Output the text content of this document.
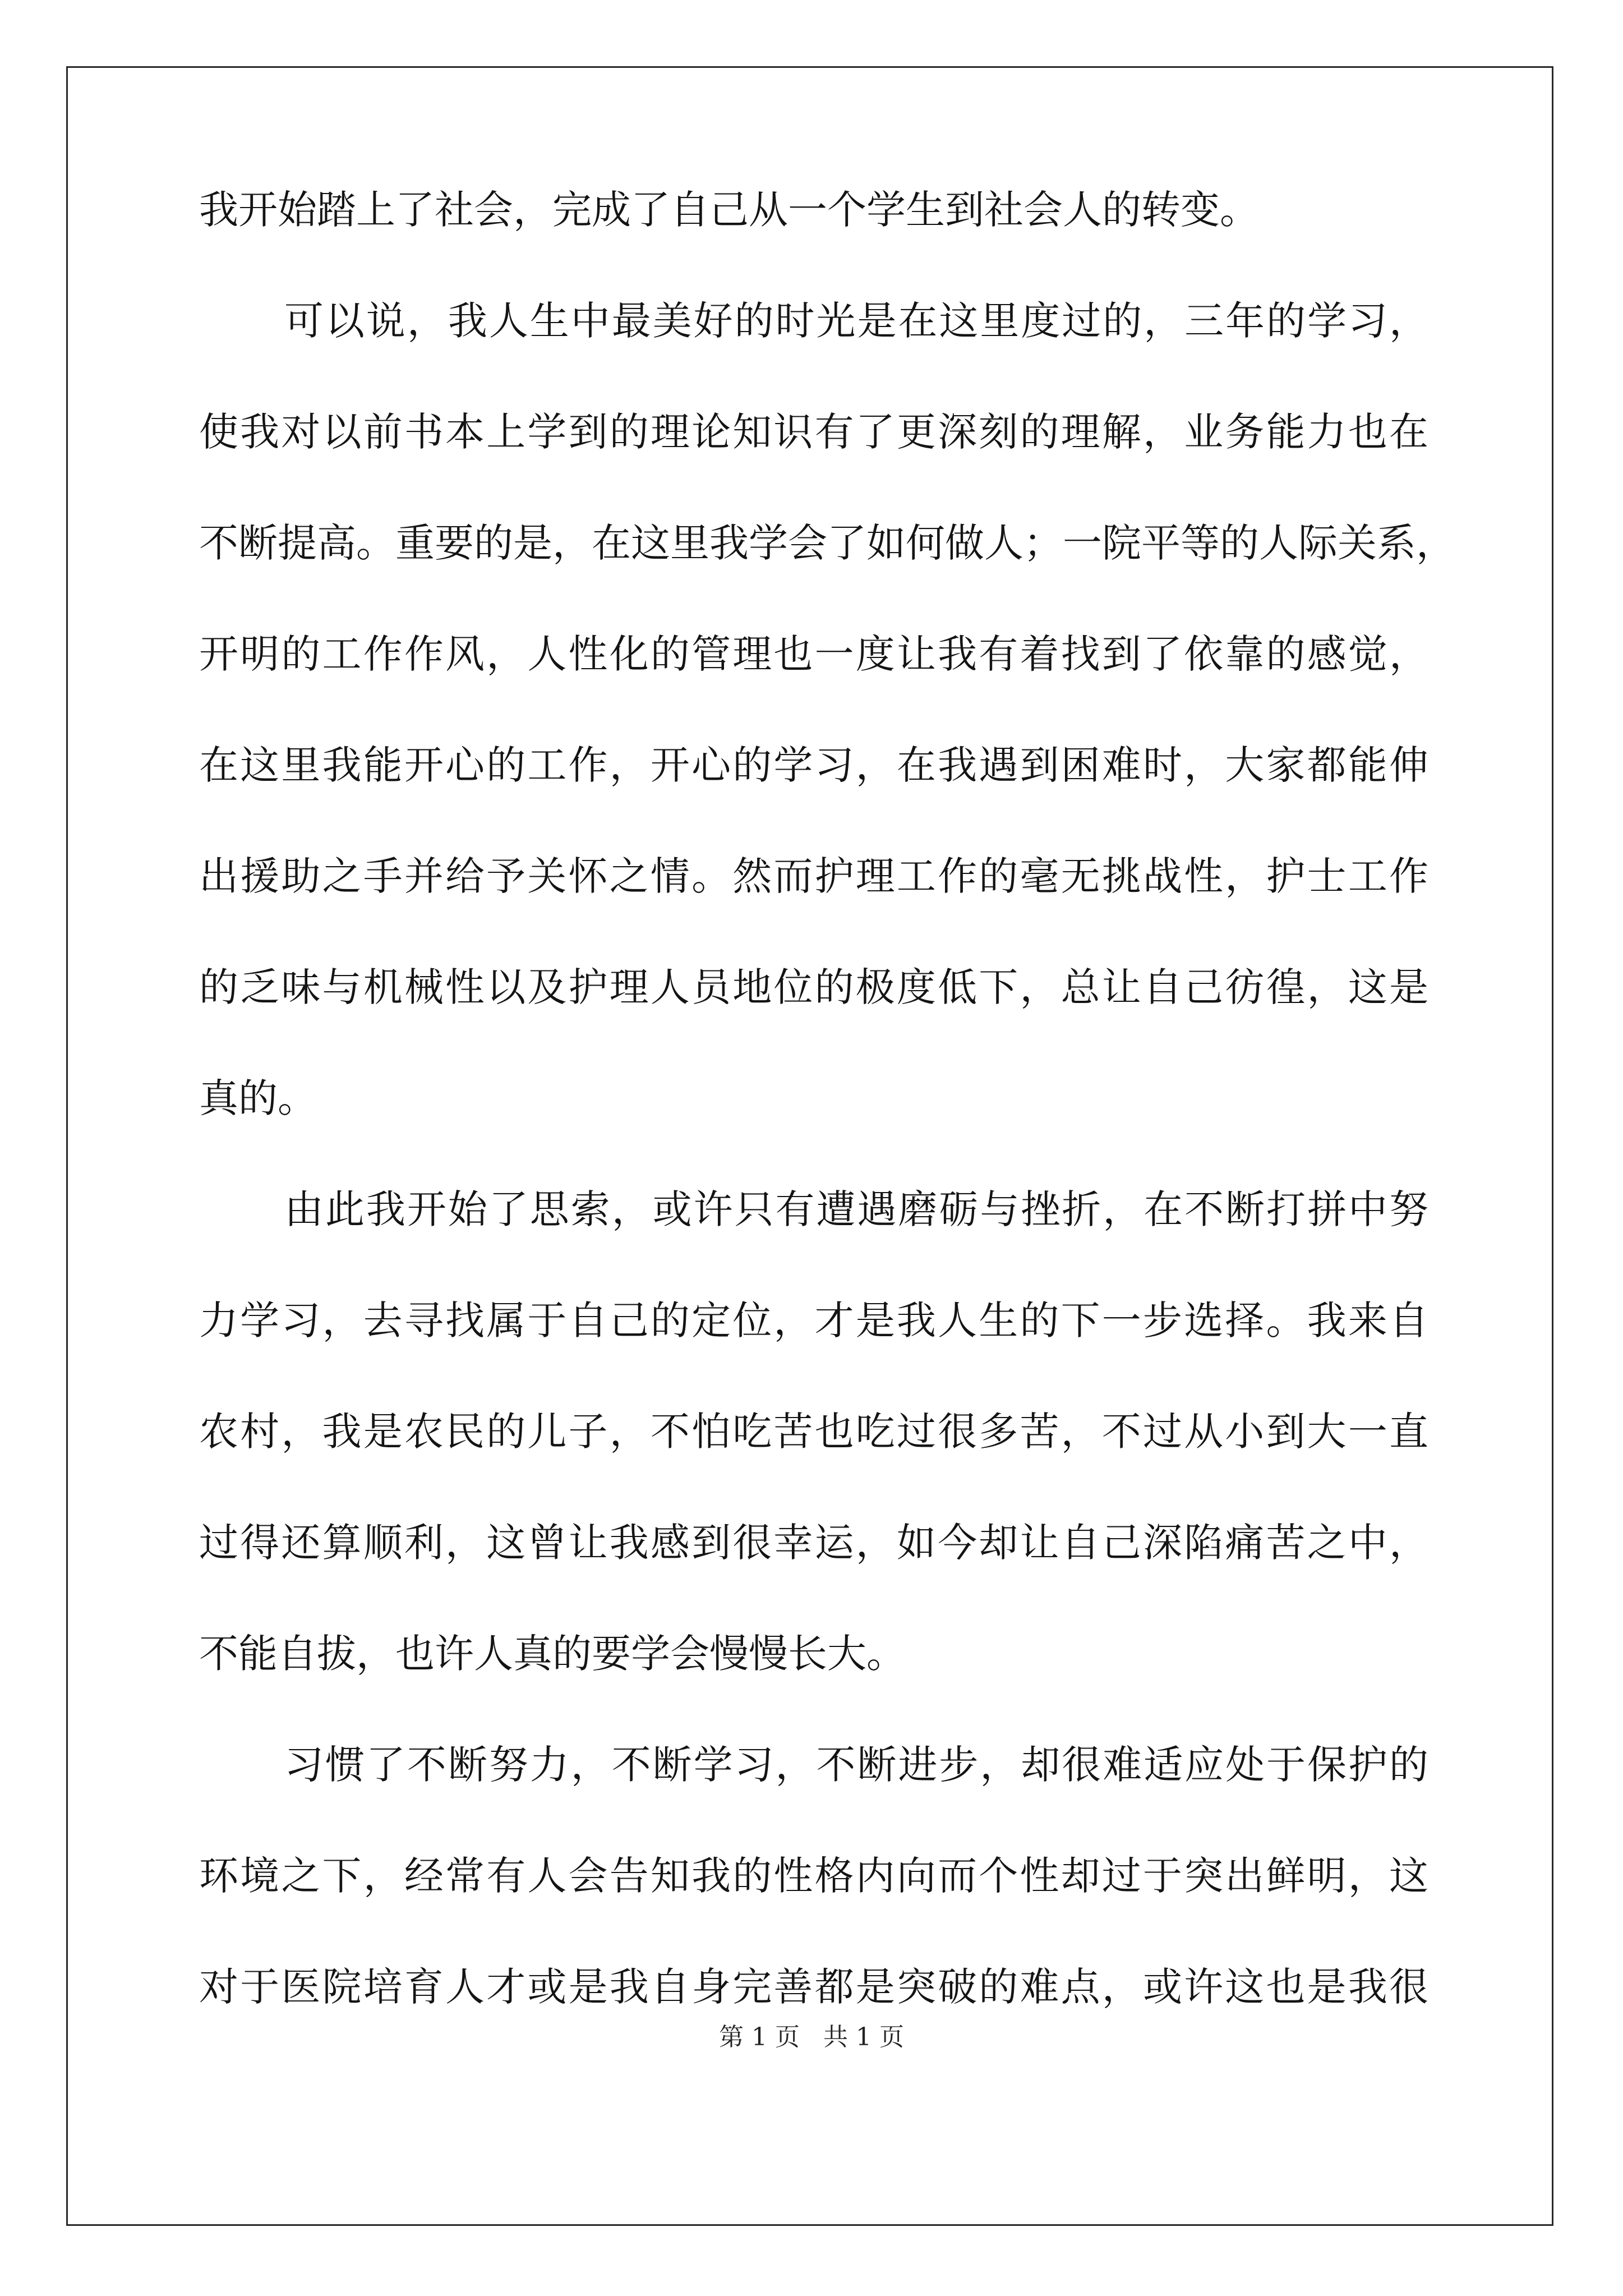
我开始踏上了社会，完成了自己从一个学生到社会人的转变。
可以说，我人生中最美好的时光是在这里度过的，三年的学习，
使我对以前书本上学到的理论知识有了更深刻的理解，业务能力也在
不断提高。重要的是，在这里我学会了如何做人；一院平等的人际关系，
开明的工作作风，人性化的管理也一度让我有着找到了依靠的感觉，
在这里我能开心的工作，开心的学习，在我遇到困难时，大家都能伸
出援助之手并给予关怀之情。然而护理工作的毫无挑战性，护士工作
的乏味与机械性以及护理人员地位的极度低下，总让自己彷徨，这是
真的。
由此我开始了思索，或许只有遭遇磨砺与挫折，在不断打拼中努
力学习，去寻找属于自己的定位，才是我人生的下一步选择。我来自
农村，我是农民的儿子，不怕吃苦也吃过很多苦，不过从小到大一直
过得还算顺利，这曾让我感到很幸运，如今却让自己深陷痛苦之中，
不能自拔，也许人真的要学会慢慢长大。
习惯了不断努力，不断学习，不断进步，却很难适应处于保护的
环境之下，经常有人会告知我的性格内向而个性却过于突出鲜明，这
对于医院培育人才或是我自身完善都是突破的难点，或许这也是我很
第 1 页   共 1 页
